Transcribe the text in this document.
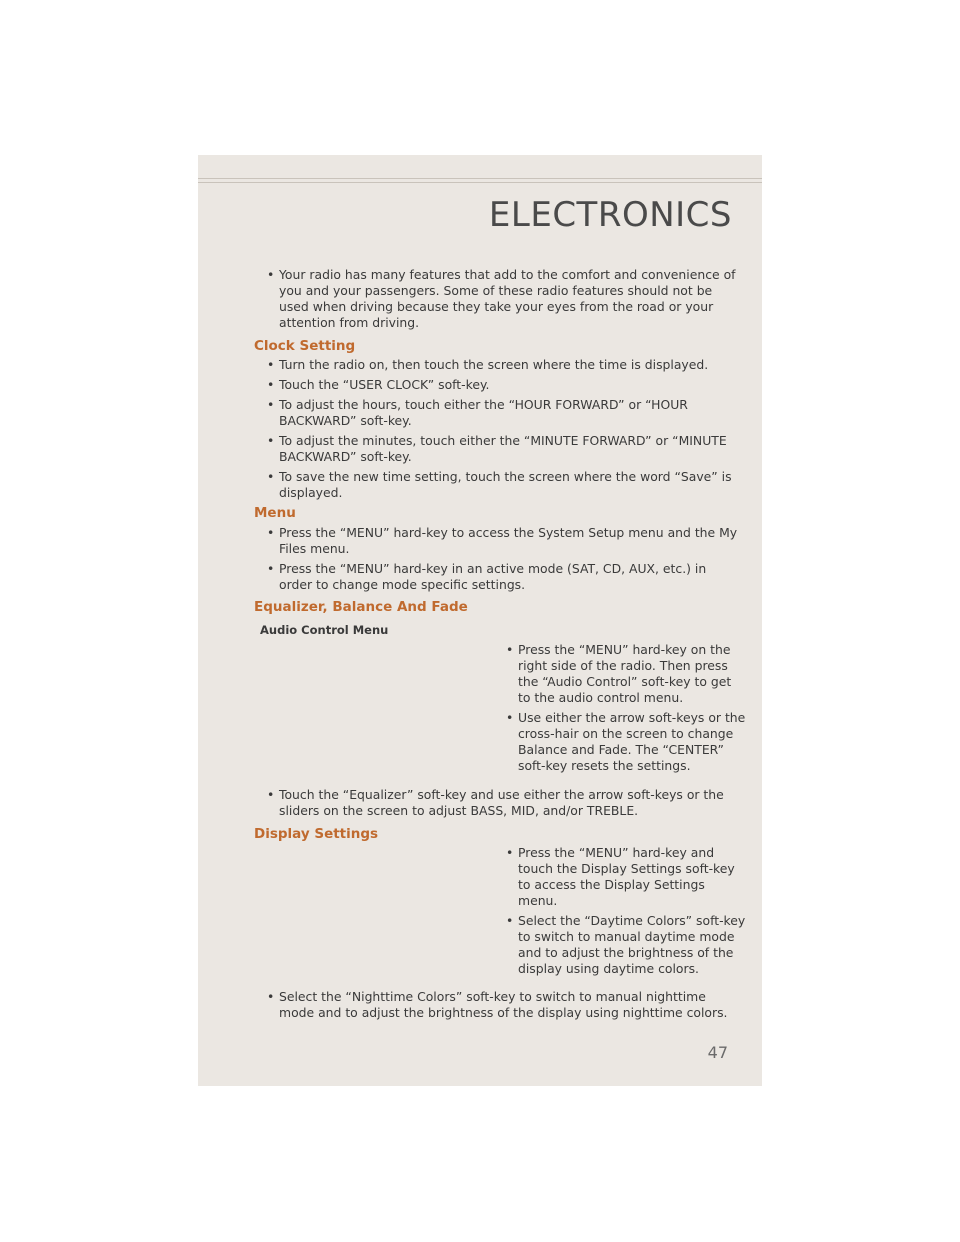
ELECTRONICS
• Your radio has many features that add to the comfort and convenience of you and your passengers. Some of these radio features should not be used when driving because they take your eyes from the road or your attention from driving.
Clock Setting
• Turn the radio on, then touch the screen where the time is displayed.
• Touch the “USER CLOCK” soft-key.
• To adjust the hours, touch either the “HOUR FORWARD” or “HOUR BACKWARD” soft-key.
• To adjust the minutes, touch either the “MINUTE FORWARD” or “MINUTE BACKWARD” soft-key.
• To save the new time setting, touch the screen where the word “Save” is displayed.
Menu
• Press the “MENU” hard-key to access the System Setup menu and the My Files menu.
• Press the “MENU” hard-key in an active mode (SAT, CD, AUX, etc.) in order to change mode specific settings.
Equalizer, Balance And Fade
Audio Control Menu
• Press the “MENU” hard-key on the right side of the radio. Then press the “Audio Control” soft-key to get to the audio control menu.
• Use either the arrow soft-keys or the cross-hair on the screen to change Balance and Fade. The “CENTER” soft-key resets the settings.
• Touch the “Equalizer” soft-key and use either the arrow soft-keys or the sliders on the screen to adjust BASS, MID, and/or TREBLE.
Display Settings
• Press the “MENU” hard-key and touch the Display Settings soft-key to access the Display Settings menu.
• Select the “Daytime Colors” soft-key to switch to manual daytime mode and to adjust the brightness of the display using daytime colors.
• Select the “Nighttime Colors” soft-key to switch to manual nighttime mode and to adjust the brightness of the display using nighttime colors.
47
